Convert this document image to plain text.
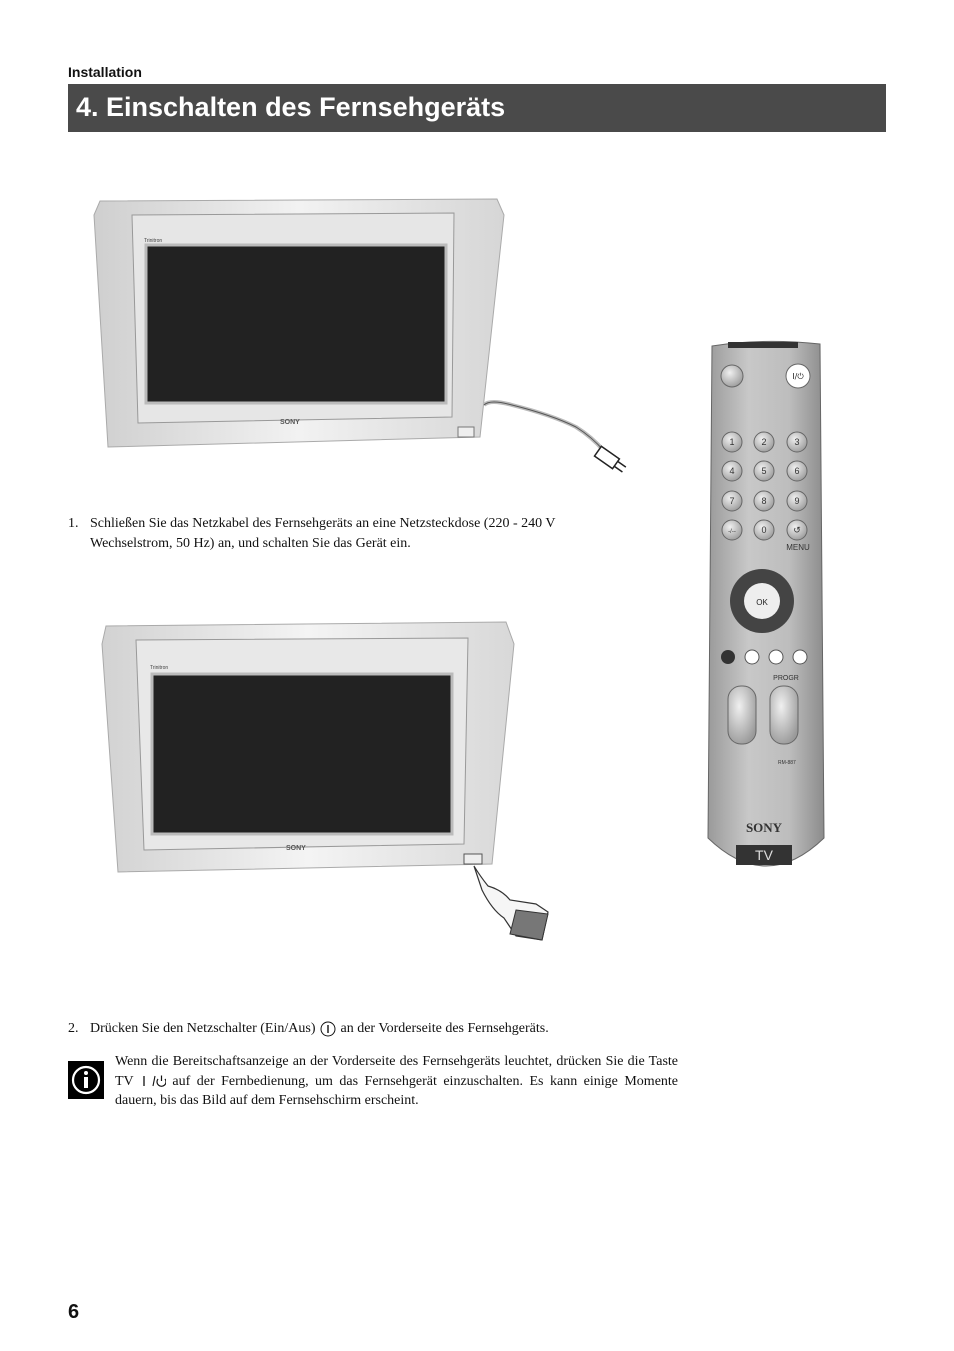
Installation
4. Einschalten des Fernsehgeräts
Trinitron
SONY
1. Schließen Sie das Netzkabel des Fernsehgeräts an eine Netzsteckdose (220 - 240 V
Wechselstrom, 50 Hz) an, und schalten Sie das Gerät ein.
Trinitron
SONY
I/⏻
1	2	3
4	5	6
7	8	9
-/--	0	↺
MENU
OK
PROGR
RM-887
SONY
TV
2. Drücken Sie den Netzschalter (Ein/Aus) an der Vorderseite des Fernsehgeräts.
Wenn die Bereitschaftsanzeige an der Vorderseite des Fernsehgeräts leuchtet, drücken Sie die Taste TV	auf der Fernbedienung, um das Fernsehgerät einzuschalten. Es kann einige Momente dauern, bis das Bild auf dem Fernsehschirm erscheint.
6
